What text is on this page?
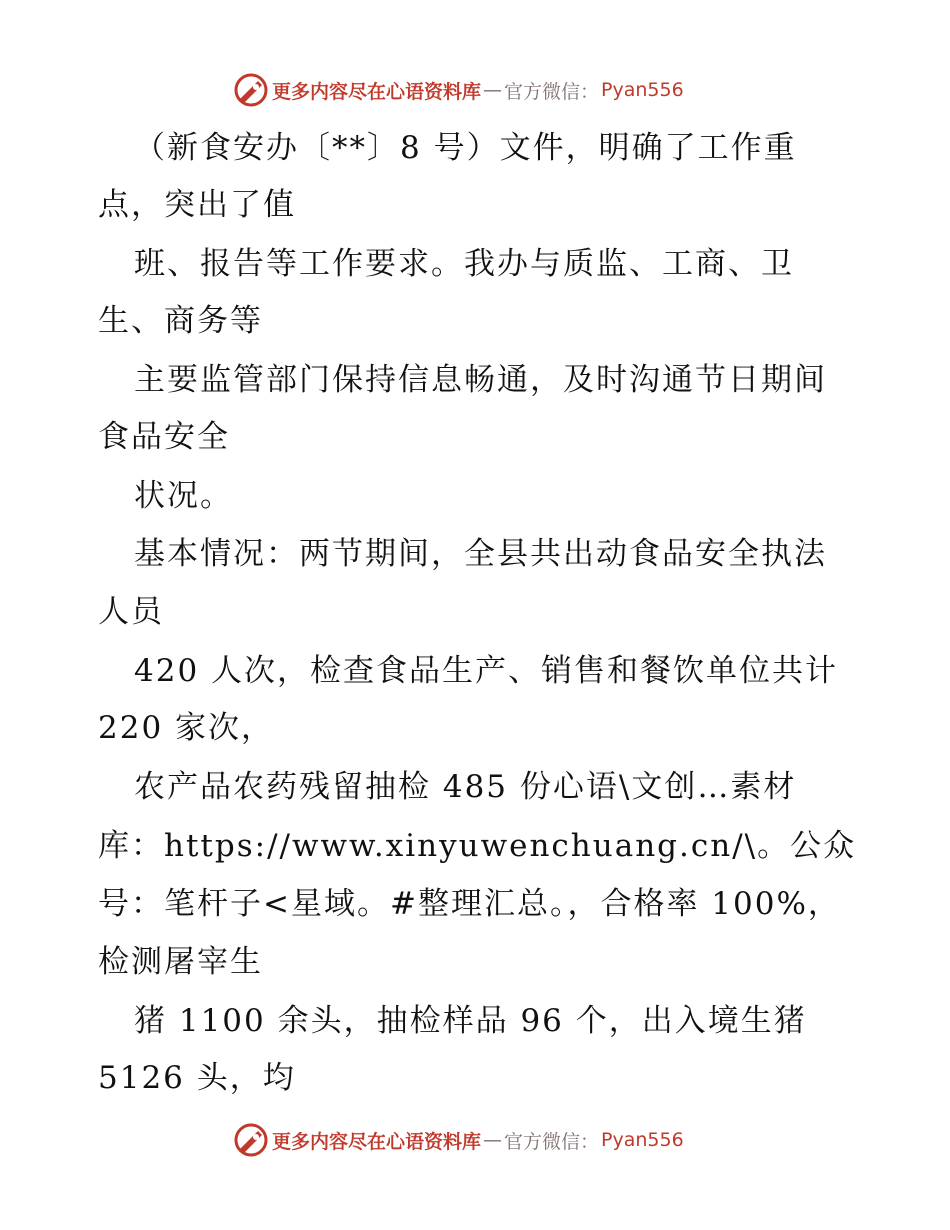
更多内容尽在心语资料库 — 官方微信： Pyan556
（新食安办〔**〕8 号）文件，明确了工作重
点，突出了值
班、报告等工作要求。我办与质监、工商、卫
生、商务等
主要监管部门保持信息畅通，及时沟通节日期间
食品安全
状况。
基本情况：两节期间，全县共出动食品安全执法
人员
420 人次，检查食品生产、销售和餐饮单位共计
220 家次，
农产品农药残留抽检 485 份心语\文创…素材
库：https://www.xinyuwenchuang.cn/\。公众
号：笔杆子<星域。#整理汇总。，合格率 100%，
检测屠宰生
猪 1100 余头，抽检样品 96 个，出入境生猪
5126 头，均
更多内容尽在心语资料库 — 官方微信： Pyan556
